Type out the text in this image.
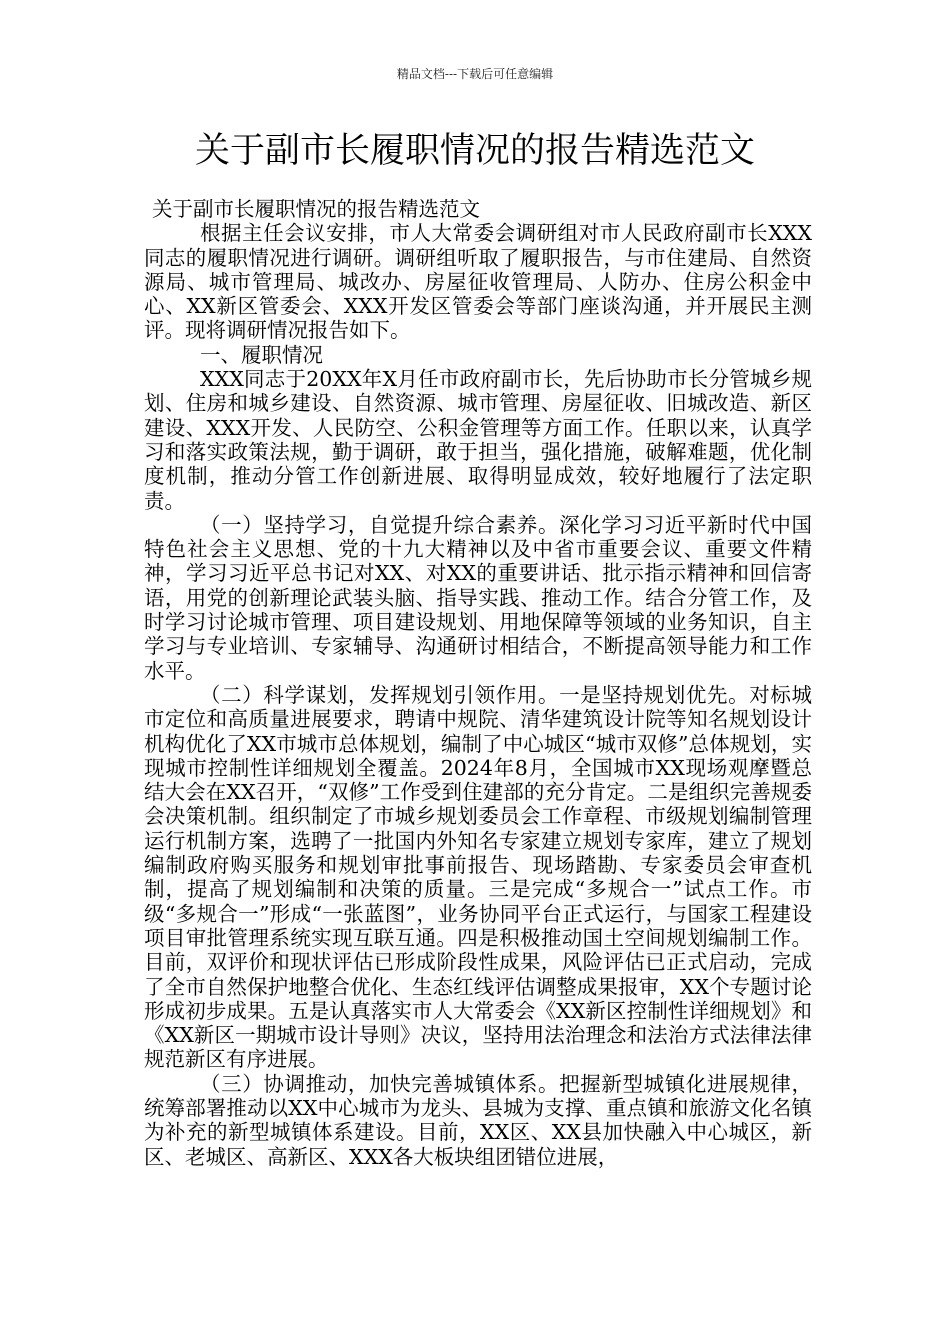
精品文档---下载后可任意编辑
关于副市长履职情况的报告精选范文

关于副市长履职情况的报告精选范文

根据主任会议安排，市人大常委会调研组对市人民政府副市长XXX同志的履职情况进行调研。调研组听取了履职报告，与市住建局、自然资源局、城市管理局、城改办、房屋征收管理局、人防办、住房公积金中心、XX新区管委会、XXX开发区管委会等部门座谈沟通，并开展民主测评。现将调研情况报告如下。

一、履职情况

XXX同志于20XX年X月任市政府副市长，先后协助市长分管城乡规划、住房和城乡建设、自然资源、城市管理、房屋征收、旧城改造、新区建设、XXX开发、人民防空、公积金管理等方面工作。任职以来，认真学习和落实政策法规，勤于调研，敢于担当，强化措施，破解难题，优化制度机制，推动分管工作创新进展、取得明显成效，较好地履行了法定职责。

（一）坚持学习，自觉提升综合素养。深化学习习近平新时代中国特色社会主义思想、党的十九大精神以及中省市重要会议、重要文件精神，学习习近平总书记对XX、对XX的重要讲话、批示指示精神和回信寄语，用党的创新理论武装头脑、指导实践、推动工作。结合分管工作，及时学习讨论城市管理、项目建设规划、用地保障等领域的业务知识，自主学习与专业培训、专家辅导、沟通研讨相结合，不断提高领导能力和工作水平。

（二）科学谋划，发挥规划引领作用。一是坚持规划优先。对标城市定位和高质量进展要求，聘请中规院、清华建筑设计院等知名规划设计机构优化了XX市城市总体规划，编制了中心城区“城市双修”总体规划，实现城市控制性详细规划全覆盖。2024年8月，全国城市XX现场观摩暨总结大会在XX召开，“双修”工作受到住建部的充分肯定。二是组织完善规委会决策机制。组织制定了市城乡规划委员会工作章程、市级规划编制管理运行机制方案，选聘了一批国内外知名专家建立规划专家库，建立了规划编制政府购买服务和规划审批事前报告、现场踏勘、专家委员会审查机制，提高了规划编制和决策的质量。三是完成“多规合一”试点工作。市级“多规合一”形成“一张蓝图”，业务协同平台正式运行，与国家工程建设项目审批管理系统实现互联互通。四是积极推动国土空间规划编制工作。目前，双评价和现状评估已形成阶段性成果，风险评估已正式启动，完成了全市自然保护地整合优化、生态红线评估调整成果报审，XX个专题讨论形成初步成果。五是认真落实市人大常委会《XX新区控制性详细规划》和《XX新区一期城市设计导则》决议，坚持用法治理念和法治方式法律法律规范新区有序进展。

（三）协调推动，加快完善城镇体系。把握新型城镇化进展规律，统筹部署推动以XX中心城市为龙头、县城为支撑、重点镇和旅游文化名镇为补充的新型城镇体系建设。目前，XX区、XX县加快融入中心城区，新区、老城区、高新区、XXX各大板块组团错位进展，
